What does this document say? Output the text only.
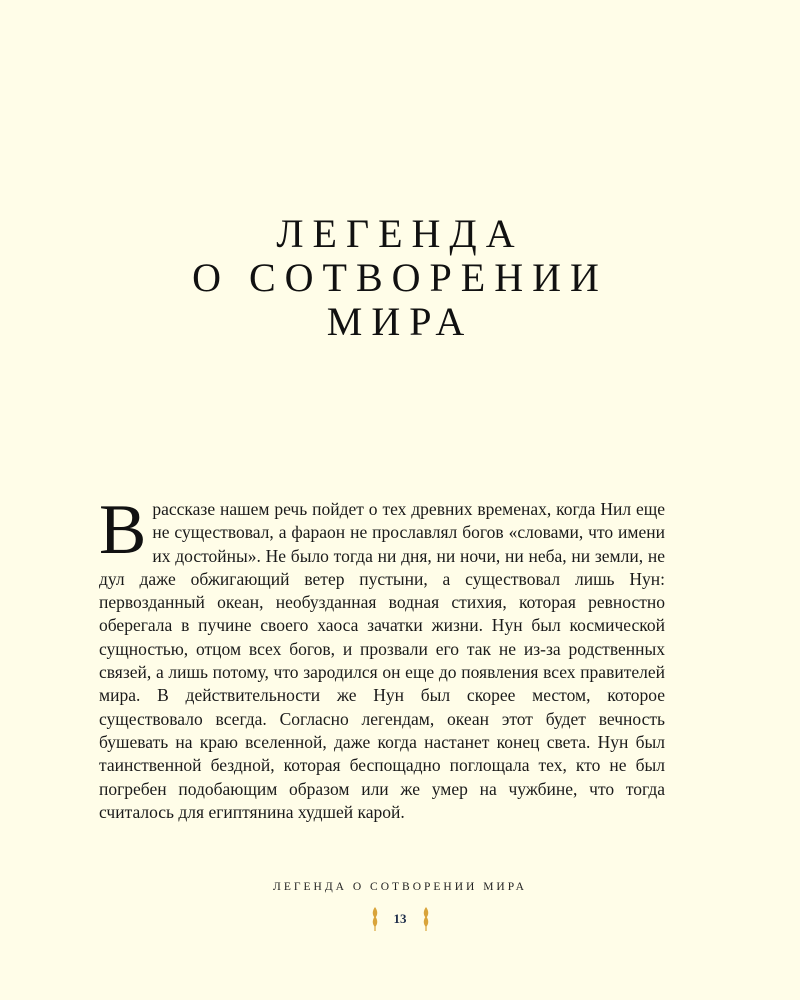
ЛЕГЕНДА
О СОТВОРЕНИИ
МИРА
В рассказе нашем речь пойдет о тех древних временах, когда Нил еще не существовал, а фараон не прославлял богов «словами, что имени их достойны». Не было тогда ни дня, ни ночи, ни неба, ни земли, не дул даже обжигающий ветер пустыни, а существовал лишь Нун: первозданный океан, необузданная водная стихия, которая ревностно оберегала в пучине своего хаоса зачатки жизни. Нун был космической сущностью, отцом всех богов, и прозвали его так не из-за родственных связей, а лишь потому, что зародился он еще до появления всех правителей мира. В действительности же Нун был скорее местом, которое существовало всегда. Согласно легендам, океан этот будет вечность бушевать на краю вселенной, даже когда настанет конец света. Нун был таинственной бездной, которая беспощадно поглощала тех, кто не был погребен подобающим образом или же умер на чужбине, что тогда считалось для египтянина худшей карой.
ЛЕГЕНДА О СОТВОРЕНИИ МИРА
13
